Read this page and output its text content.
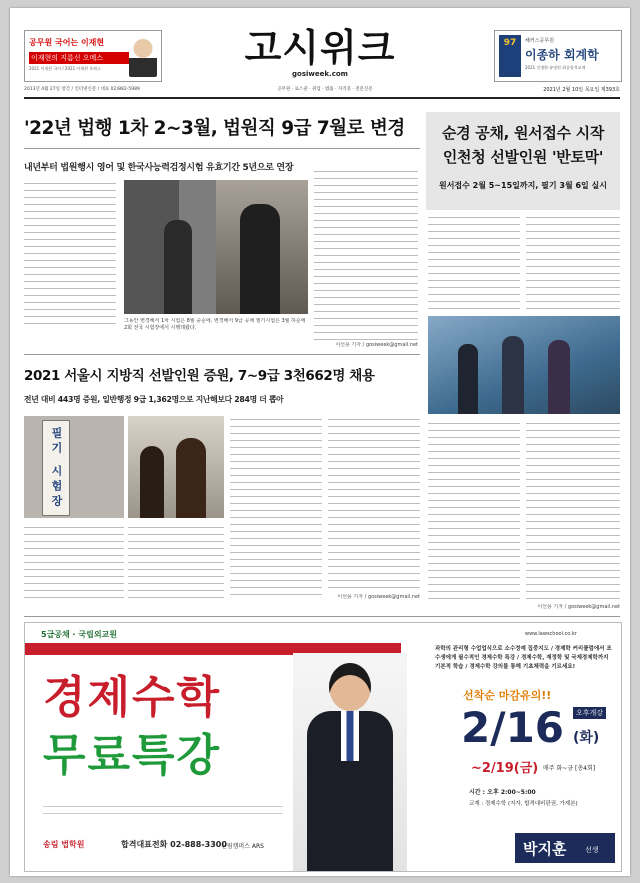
공무원 국어는 이재현
이재현의 지름신 오메스
2021 이재현 국어 / 2021 이재현 오메스	고시위크
gosiweek.com
97	해커스공무원
이종하 회계학
2021 신명환·유명현 최종합격교재
2013년 4월 27일 창간 / 인터넷신문 / 대표 02)882-5989	공무원 · 로스쿨 · 취업 · 법률 · 자격증 · 전문신문	2021년 2월 10일 목요일 제393호
'22년 법행 1차 2~3월, 법원직 9급 7월로 변경
내년부터 법원행시 영어 및 한국사능력검정시험 유효기간 5년으로 연장
그동안 변경해서 1차 시험은 8월 중순에, 변경해서 9급 공채 필기시험은 3월 하순에 2회 전국 시험장에서 시행돼왔다.
이선용 기자 / gosiweek@gmail.net
순경 공채, 원서접수 시작
인천청 선발인원 '반토막'
원서접수 2월 5~15일까지, 필기 3월 6일 실시
이선용 기자 / gosiweek@gmail.net
2021 서울시 지방직 선발인원 증원, 7~9급 3천662명 채용
전년 대비 443명 증원, 일반행정 9급 1,362명으로 지난해보다 284명 더 뽑아
필기 시험장
이선용 기자 / gosiweek@gmail.net
5급공채 · 국립외교원
경제수학
무료특강
송림 법학원	합격대표전화 02-888-3300
신림캠퍼스 ARS
www.lawschool.co.kr
과학의 관리형 수업업식으로 소수정예 집중지도 / 경제학 커리큘럼에서 조수생에게 필수적인 경제수학 특강 / 경제수학, 재정학 및 국제경제학까지 기본적 학습 / 경제수학 강의를 통해 기초체력을 기르세요!
선착순 마감유의!!
2/16 (화)
오후개강
~2/19(금) 매주 화~금 [총4회]
시간 : 오후 2:00~5:00
교재 : 경제수학 (저자, 합격대비판권, 가제본)
박지훈	선생
